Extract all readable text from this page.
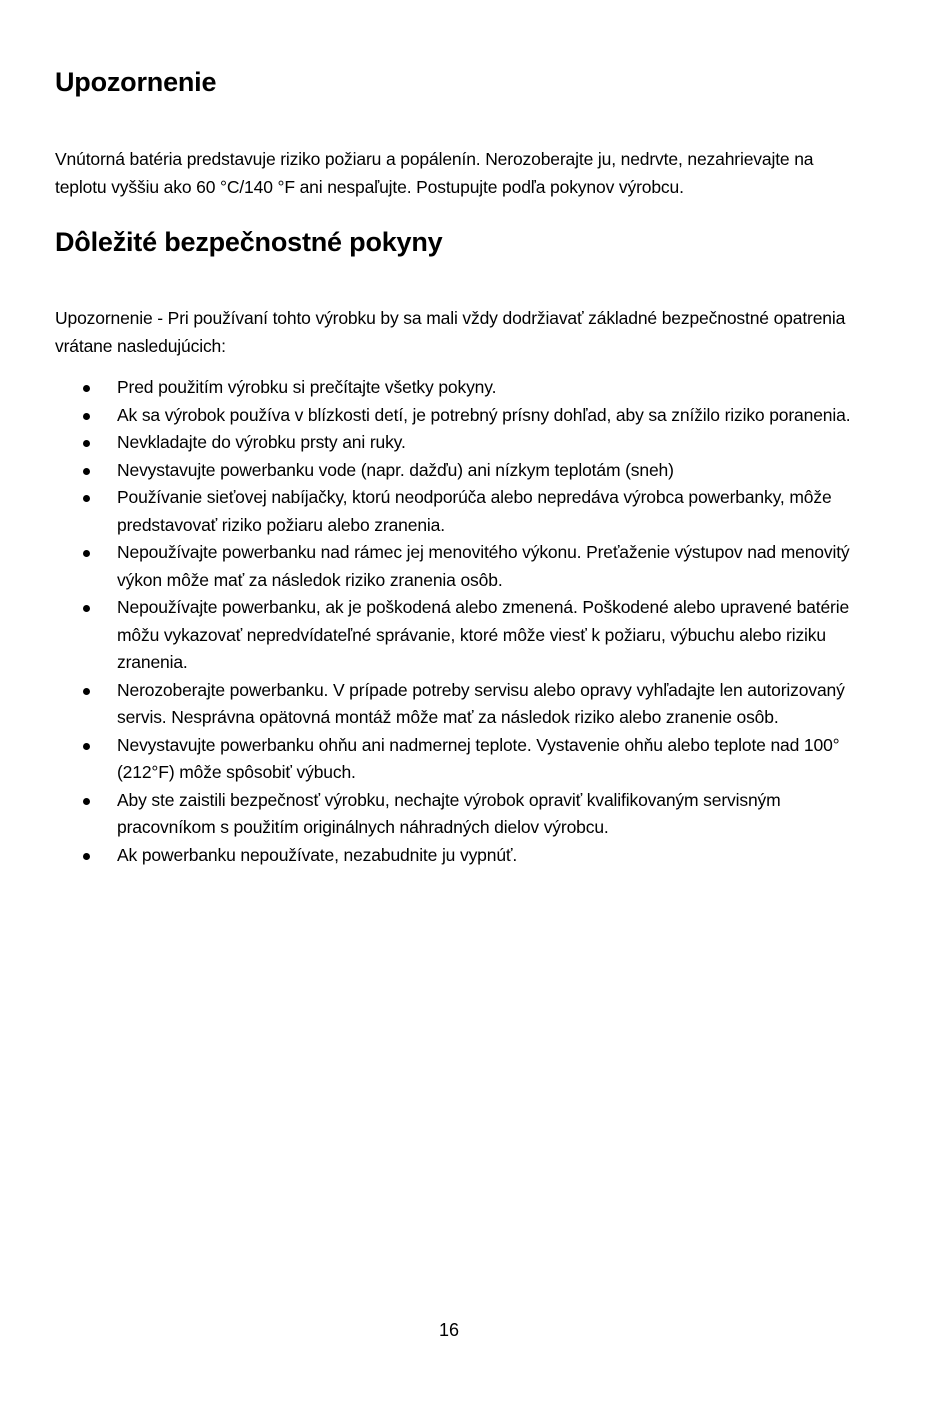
Upozornenie

Vnútorná batéria predstavuje riziko požiaru a popálenín. Nerozoberajte ju, nedrvte, nezahrievajte na teplotu vyššiu ako 60 °C/140 °F ani nespaľujte. Postupujte podľa pokynov výrobcu.

Dôležité bezpečnostné pokyny

Upozornenie - Pri používaní tohto výrobku by sa mali vždy dodržiavať základné bezpečnostné opatrenia vrátane nasledujúcich:

Pred použitím výrobku si prečítajte všetky pokyny.
Ak sa výrobok používa v blízkosti detí, je potrebný prísny dohľad, aby sa znížilo riziko poranenia.
Nevkladajte do výrobku prsty ani ruky.
Nevystavujte powerbanku vode (napr. dažďu) ani nízkym teplotám (sneh)
Používanie sieťovej nabíjačky, ktorú neodporúča alebo nepredáva výrobca powerbanky, môže predstavovať riziko požiaru alebo zranenia.
Nepoužívajte powerbanku nad rámec jej menovitého výkonu. Preťaženie výstupov nad menovitý výkon môže mať za následok riziko zranenia osôb.
Nepoužívajte powerbanku, ak je poškodená alebo zmenená. Poškodené alebo upravené batérie môžu vykazovať nepredvídateľné správanie, ktoré môže viesť k požiaru, výbuchu alebo riziku zranenia.
Nerozoberajte powerbanku. V prípade potreby servisu alebo opravy vyhľadajte len autorizovaný servis. Nesprávna opätovná montáž môže mať za následok riziko alebo zranenie osôb.
Nevystavujte powerbanku ohňu ani nadmernej teplote. Vystavenie ohňu alebo teplote nad 100° (212°F) môže spôsobiť výbuch.
Aby ste zaistili bezpečnosť výrobku, nechajte výrobok opraviť kvalifikovaným servisným pracovníkom s použitím originálnych náhradných dielov výrobcu.
Ak powerbanku nepoužívate, nezabudnite ju vypnúť.
16
